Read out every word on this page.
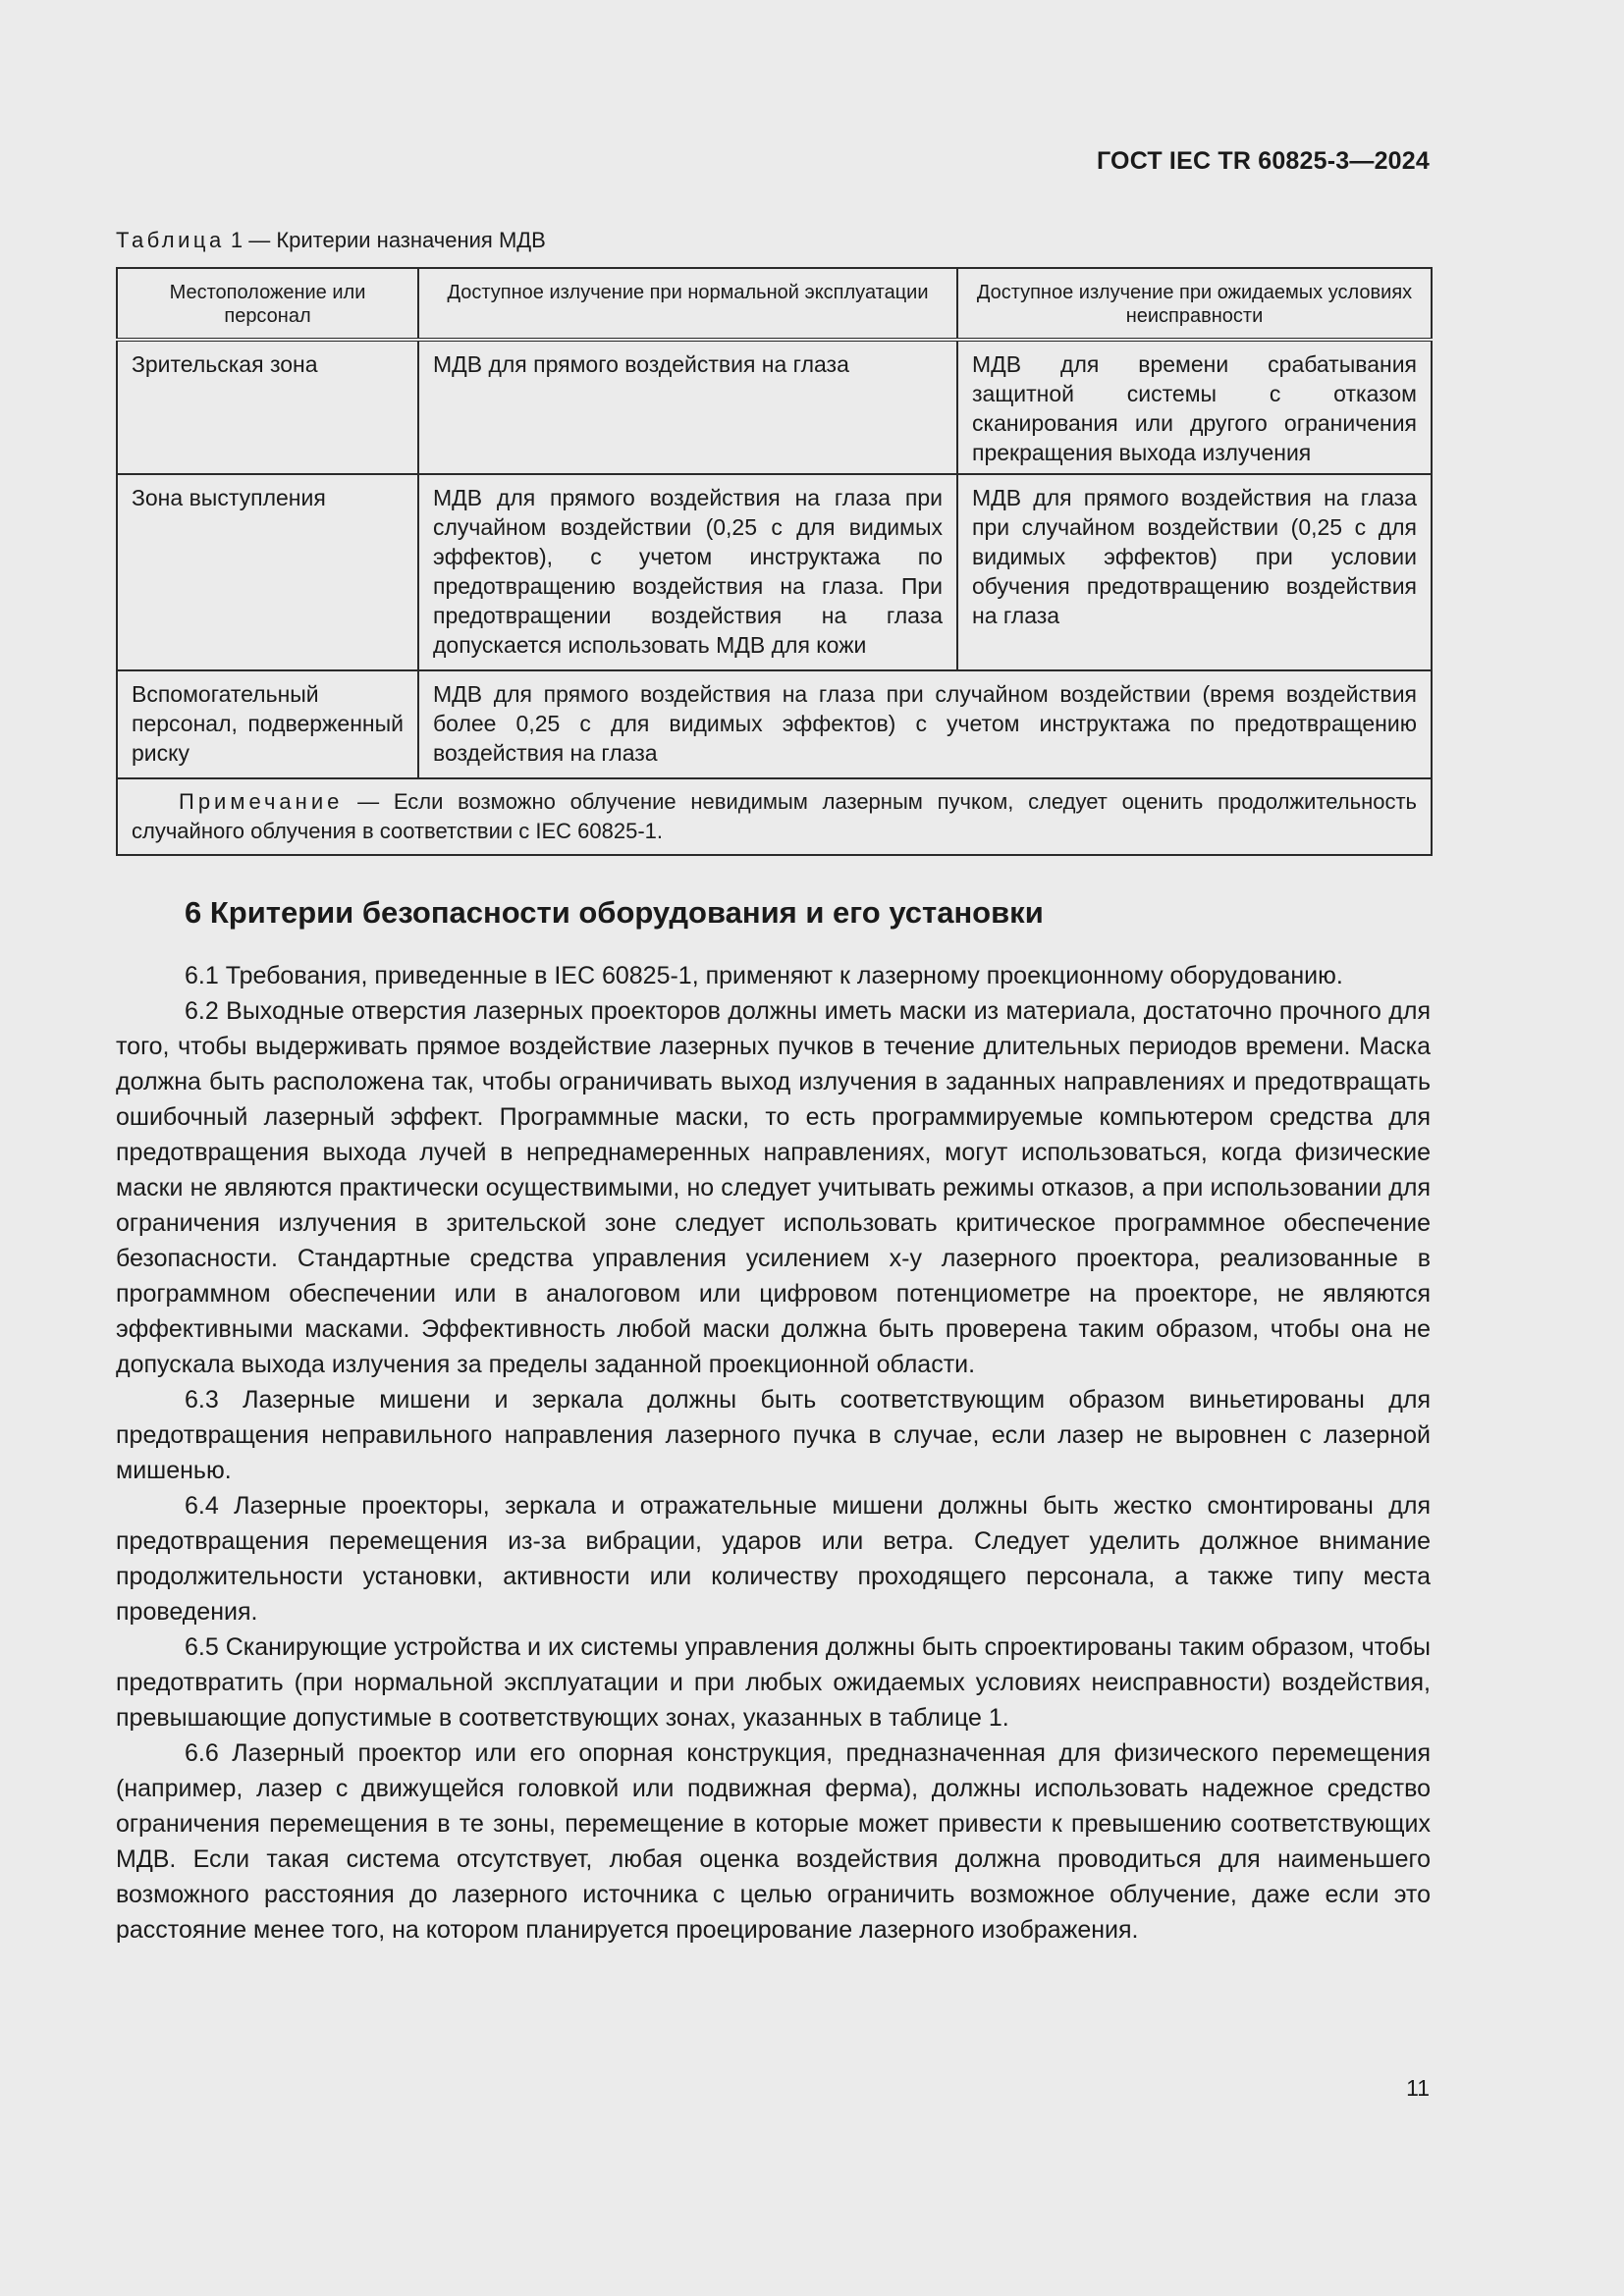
ГОСТ IEC TR 60825-3—2024
Таблица 1 — Критерии назначения МДВ
Местоположение или персонал	Доступное излучение при нормальной эксплуатации	Доступное излучение при ожидаемых условиях неисправности
Зрительская зона	МДВ для прямого воздействия на глаза	МДВ для времени срабатывания защитной системы с отказом сканирования или другого ограничения прекращения выхода излучения
Зона выступления	МДВ для прямого воздействия на глаза при случайном воздействии (0,25 с для видимых эффектов), с учетом инструктажа по предотвращению воздействия на глаза. При предотвращении воздействия на глаза допускается использовать МДВ для кожи	МДВ для прямого воздействия на глаза при случайном воздействии (0,25 с для видимых эффектов) при условии обучения предотвращению воздействия на глаза
Вспомогательный персонал, подверженный риску	МДВ для прямого воздействия на глаза при случайном воздействии (время воздействия более 0,25 с для видимых эффектов) с учетом инструктажа по предотвращению воздействия на глаза	
Примечание — Если возможно облучение невидимым лазерным пучком, следует оценить продолжительность случайного облучения в соответствии с IEC 60825-1.		
6 Критерии безопасности оборудования и его установки

6.1 Требования, приведенные в IEC 60825-1, применяют к лазерному проекционному оборудованию.

6.2 Выходные отверстия лазерных проекторов должны иметь маски из материала, достаточно прочного для того, чтобы выдерживать прямое воздействие лазерных пучков в течение длительных периодов времени. Маска должна быть расположена так, чтобы ограничивать выход излучения в заданных направлениях и предотвращать ошибочный лазерный эффект. Программные маски, то есть программируемые компьютером средства для предотвращения выхода лучей в непреднамеренных направлениях, могут использоваться, когда физические маски не являются практически осуществимыми, но следует учитывать режимы отказов, а при использовании для ограничения излучения в зрительской зоне следует использовать критическое программное обеспечение безопасности. Стандартные средства управления усилением x-y лазерного проектора, реализованные в программном обеспечении или в аналоговом или цифровом потенциометре на проекторе, не являются эффективными масками. Эффективность любой маски должна быть проверена таким образом, чтобы она не допускала выхода излучения за пределы заданной проекционной области.

6.3 Лазерные мишени и зеркала должны быть соответствующим образом виньетированы для предотвращения неправильного направления лазерного пучка в случае, если лазер не выровнен с лазерной мишенью.

6.4 Лазерные проекторы, зеркала и отражательные мишени должны быть жестко смонтированы для предотвращения перемещения из-за вибрации, ударов или ветра. Следует уделить должное внимание продолжительности установки, активности или количеству проходящего персонала, а также типу места проведения.

6.5 Сканирующие устройства и их системы управления должны быть спроектированы таким образом, чтобы предотвратить (при нормальной эксплуатации и при любых ожидаемых условиях неисправности) воздействия, превышающие допустимые в соответствующих зонах, указанных в таблице 1.

6.6 Лазерный проектор или его опорная конструкция, предназначенная для физического перемещения (например, лазер с движущейся головкой или подвижная ферма), должны использовать надежное средство ограничения перемещения в те зоны, перемещение в которые может привести к превышению соответствующих МДВ. Если такая система отсутствует, любая оценка воздействия должна проводиться для наименьшего возможного расстояния до лазерного источника с целью ограничить возможное облучение, даже если это расстояние менее того, на котором планируется проецирование лазерного изображения.

11
